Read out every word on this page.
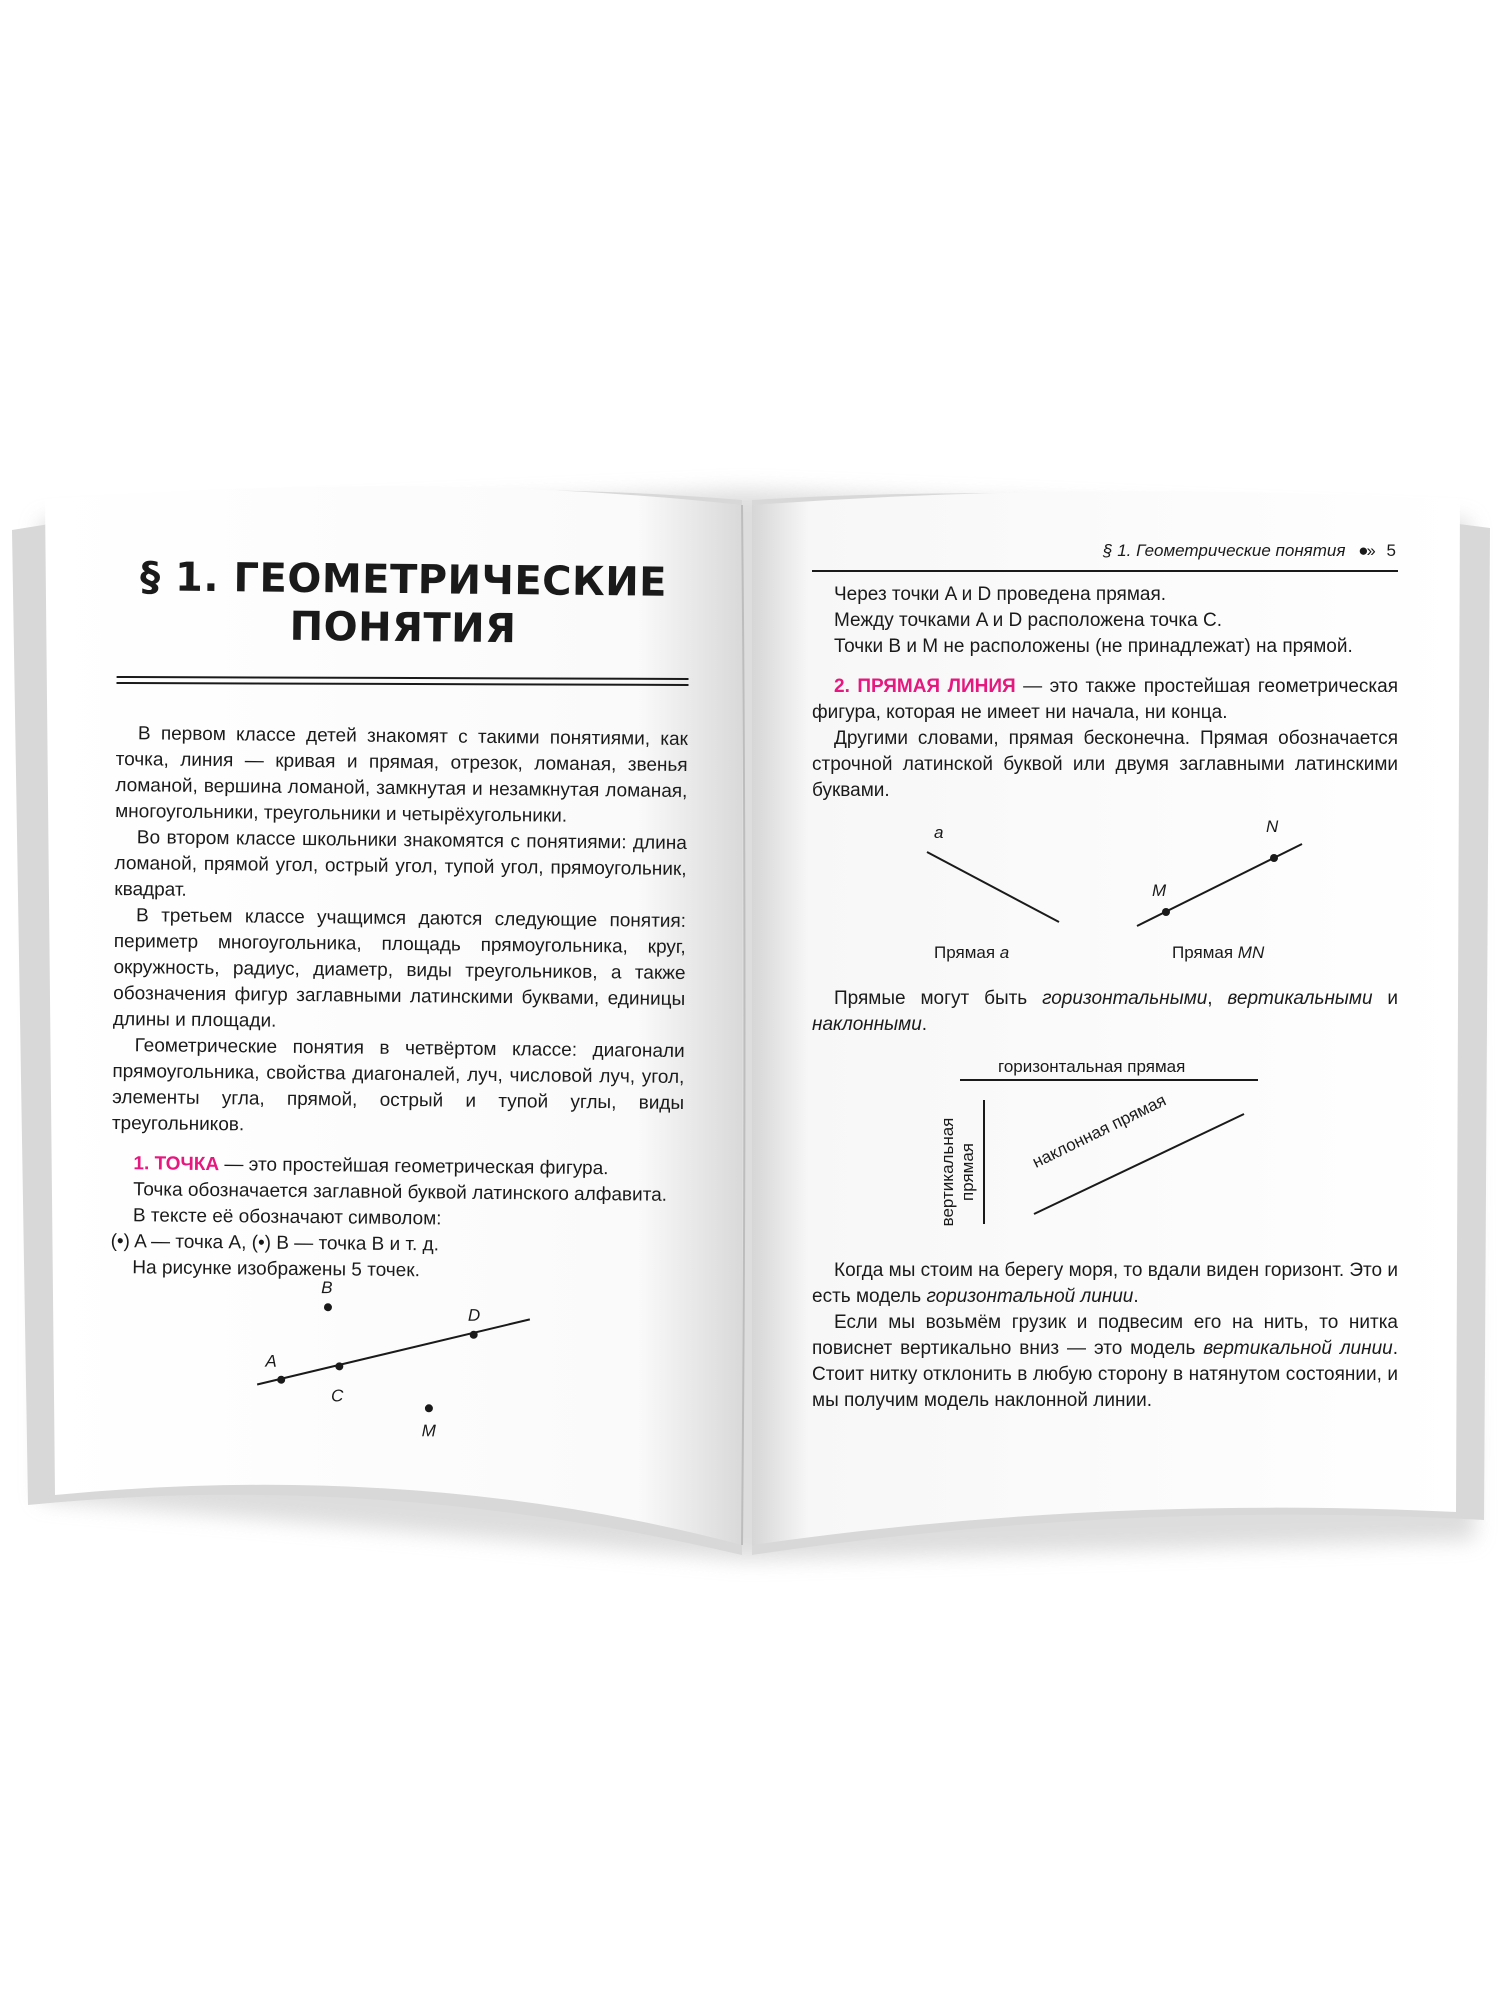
§ 1. ГЕОМЕТРИЧЕСКИЕ
ПОНЯТИЯ

В первом классе детей знакомят с такими понятиями, как точка, линия — кривая и прямая, отрезок, ломаная, звенья ломаной, вершина ломаной, замкнутая и незамкнутая ломаная, многоугольники, треугольники и четырёхугольники.

Во втором классе школьники знакомятся с понятиями: длина ломаной, прямой угол, острый угол, тупой угол, прямоугольник, квадрат.

В третьем классе учащимся даются следующие понятия: периметр многоугольника, площадь прямоугольника, круг, окружность, радиус, диаметр, виды треугольников, а также обозначения фигур заглавными латинскими буквами, единицы длины и площади.

Геометрические понятия в четвёртом классе: диагонали прямоугольника, свойства диагоналей, луч, числовой луч, угол, элементы угла, прямой, острый и тупой углы, виды треугольников.

1. ТОЧКА — это простейшая геометрическая фигура.

Точка обозначается заглавной буквой латинского алфавита.

В тексте её обозначают символом:

(•) A — точка A, (•) B — точка B и т. д.

На рисунке изображены 5 точек.

A
C
D
B
M
§ 1. Геометрические понятия ●›› 5

Через точки A и D проведена прямая.

Между точками A и D расположена точка C.

Точки B и M не расположены (не принадлежат) на прямой.

2. ПРЯМАЯ ЛИНИЯ — это также простейшая геометрическая фигура, которая не имеет ни начала, ни конца.

Другими словами, прямая бесконечна. Прямая обозначается строчной латинской буквой или двумя заглавными латинскими буквами.

a	N
M
Прямая a	Прямая MN

Прямые могут быть горизонтальными, вертикальными и наклонными.

горизонтальная прямая
вертикальная прямая
наклонная прямая

Когда мы стоим на берегу моря, то вдали виден горизонт. Это и есть модель горизонтальной линии.

Если мы возьмём грузик и подвесим его на нить, то нитка повиснет вертикально вниз — это модель вертикальной линии. Стоит нитку отклонить в любую сторону в натянутом состоянии, и мы получим модель наклонной линии.
